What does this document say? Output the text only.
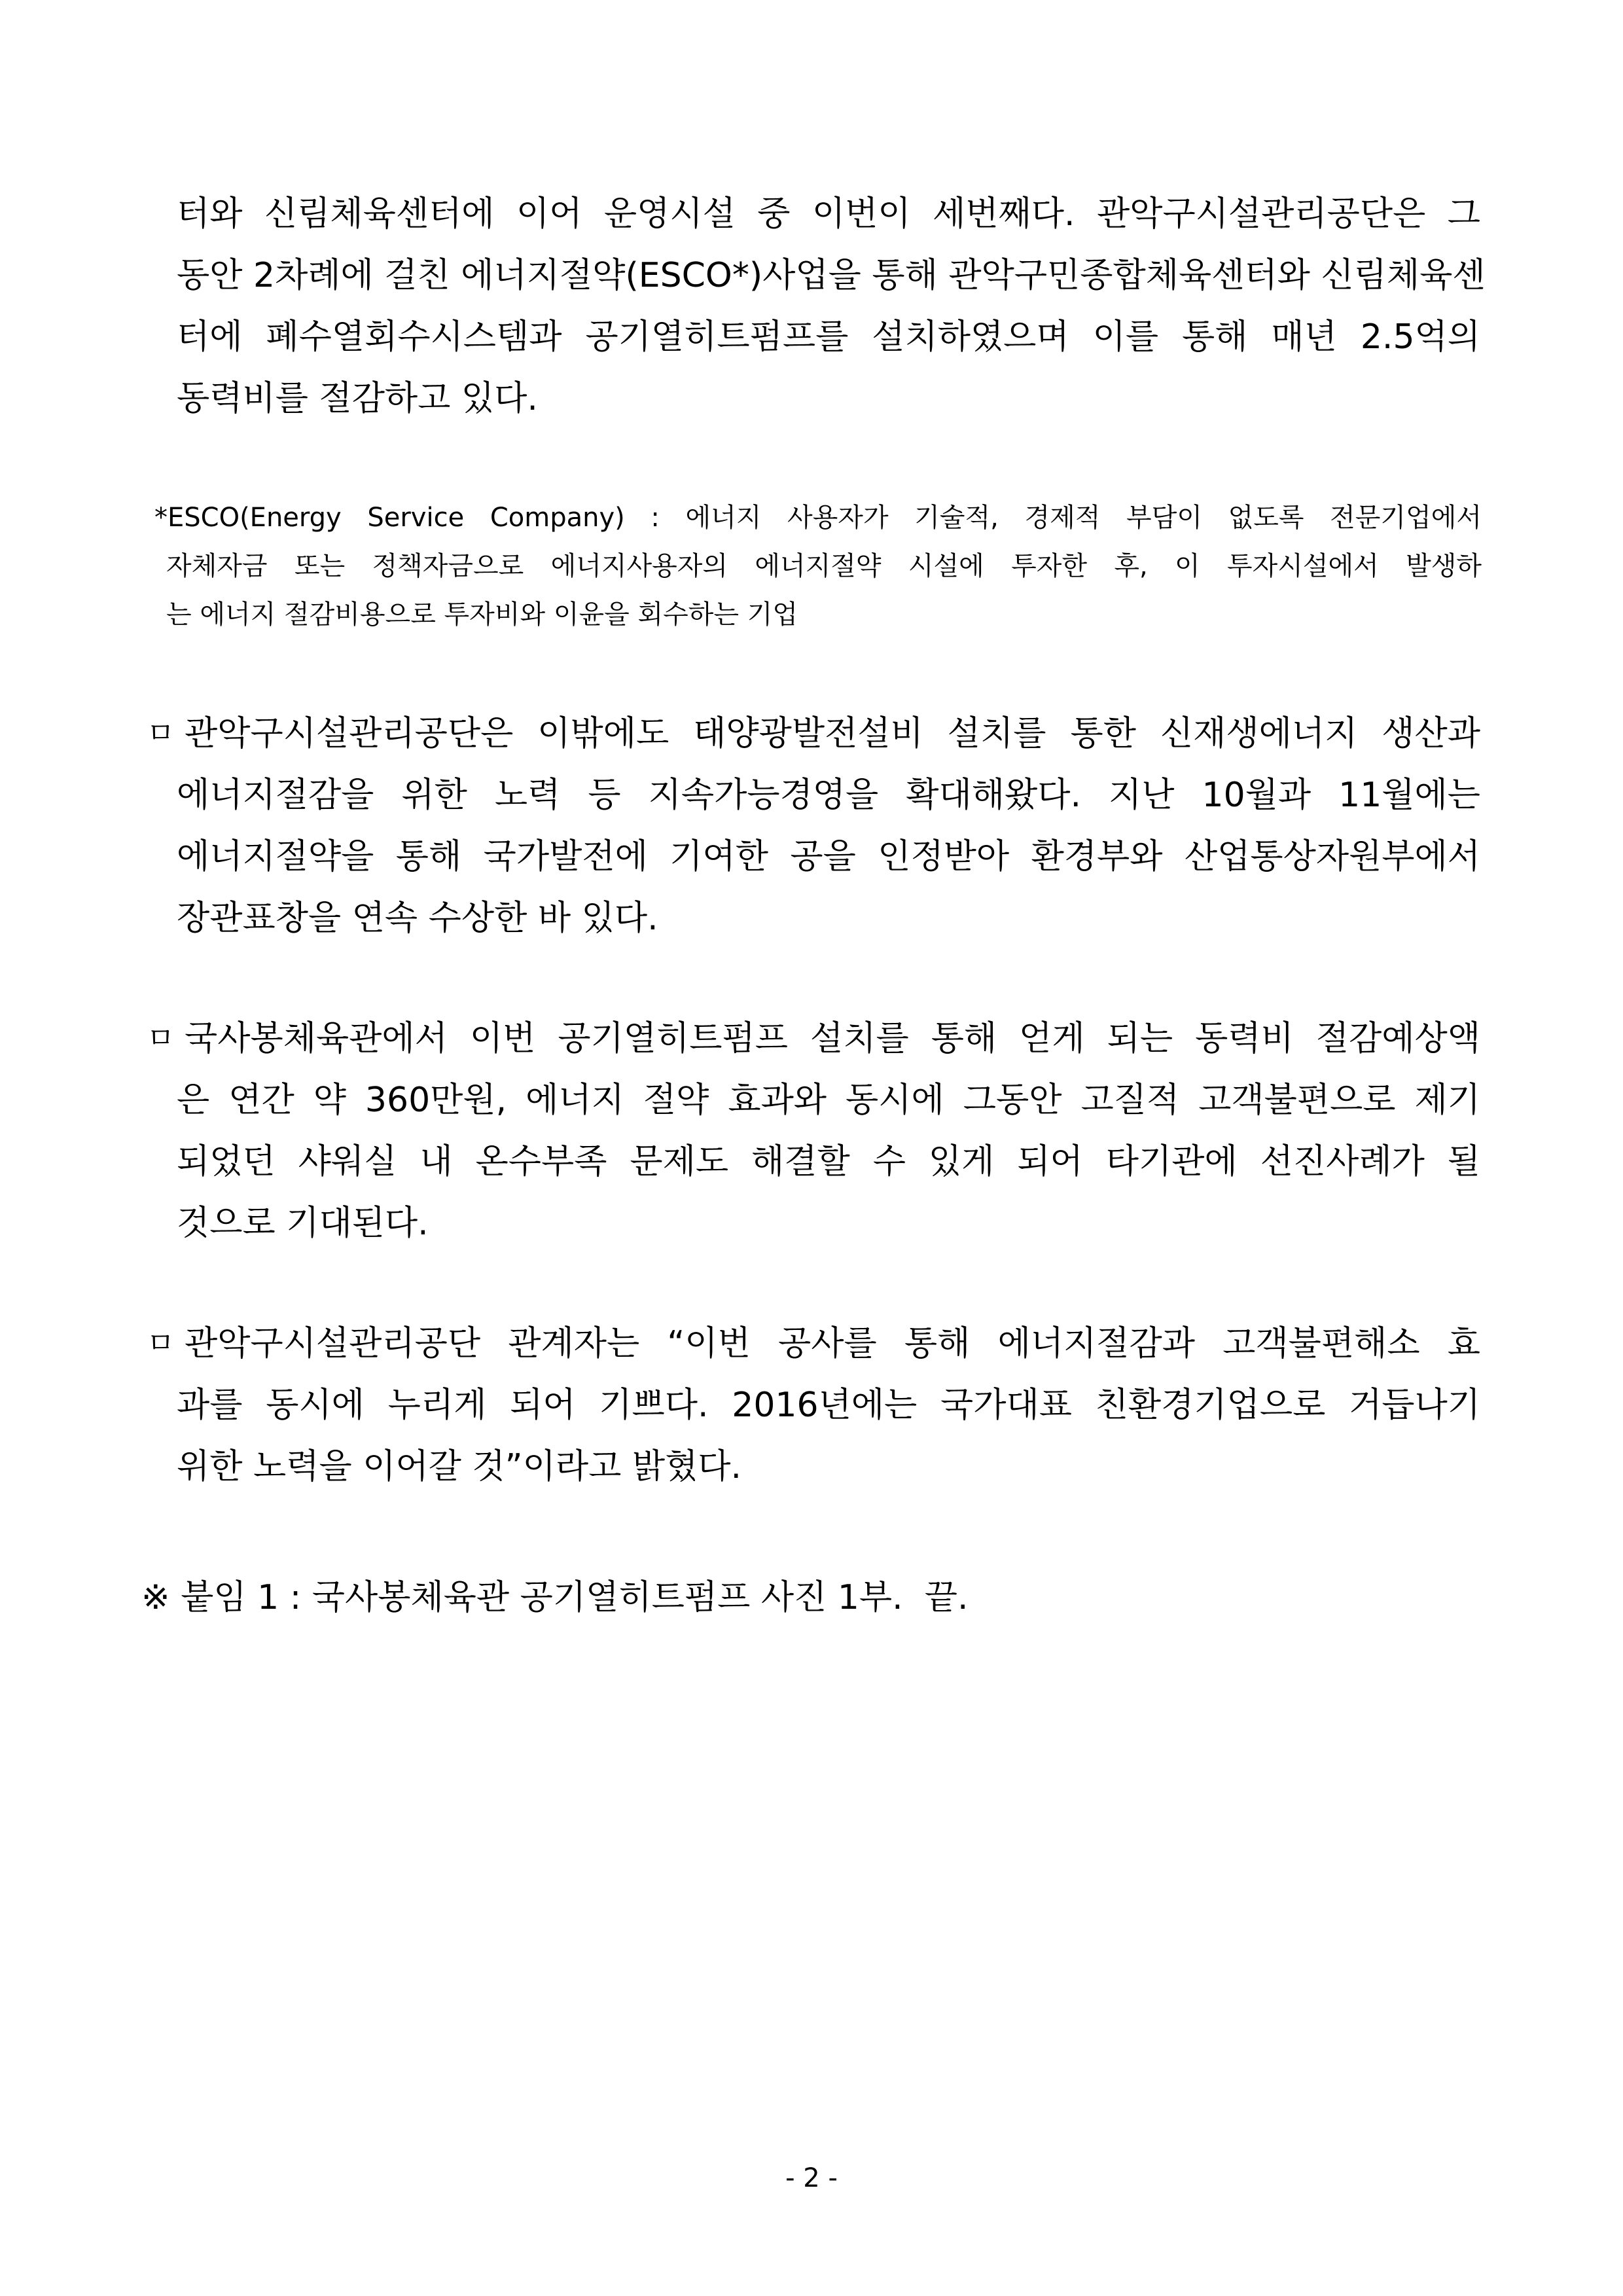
터와 신림체육센터에 이어 운영시설 중 이번이 세번째다. 관악구시설관리공단은 그

동안 2차례에 걸친 에너지절약(ESCO*)사업을 통해 관악구민종합체육센터와 신림체육센

터에 폐수열회수시스템과 공기열히트펌프를 설치하였으며 이를 통해 매년 2.5억의

동력비를 절감하고 있다.

*ESCO(Energy Service Company) : 에너지 사용자가 기술적, 경제적 부담이 없도록 전문기업에서

자체자금 또는 정책자금으로 에너지사용자의 에너지절약 시설에 투자한 후, 이 투자시설에서 발생하

는 에너지 절감비용으로 투자비와 이윤을 회수하는 기업

ㅁ 관악구시설관리공단은 이밖에도 태양광발전설비 설치를 통한 신재생에너지 생산과

에너지절감을 위한 노력 등 지속가능경영을 확대해왔다. 지난 10월과 11월에는

에너지절약을 통해 국가발전에 기여한 공을 인정받아 환경부와 산업통상자원부에서

장관표창을 연속 수상한 바 있다.

ㅁ 국사봉체육관에서 이번 공기열히트펌프 설치를 통해 얻게 되는 동력비 절감예상액

은 연간 약 360만원, 에너지 절약 효과와 동시에 그동안 고질적 고객불편으로 제기

되었던 샤워실 내 온수부족 문제도 해결할 수 있게 되어 타기관에 선진사례가 될

것으로 기대된다.

ㅁ 관악구시설관리공단 관계자는 “이번 공사를 통해 에너지절감과 고객불편해소 효

과를 동시에 누리게 되어 기쁘다. 2016년에는 국가대표 친환경기업으로 거듭나기

위한 노력을 이어갈 것”이라고 밝혔다.

※ 붙임 1 : 국사봉체육관 공기열히트펌프 사진 1부.  끝.

- 2 -
